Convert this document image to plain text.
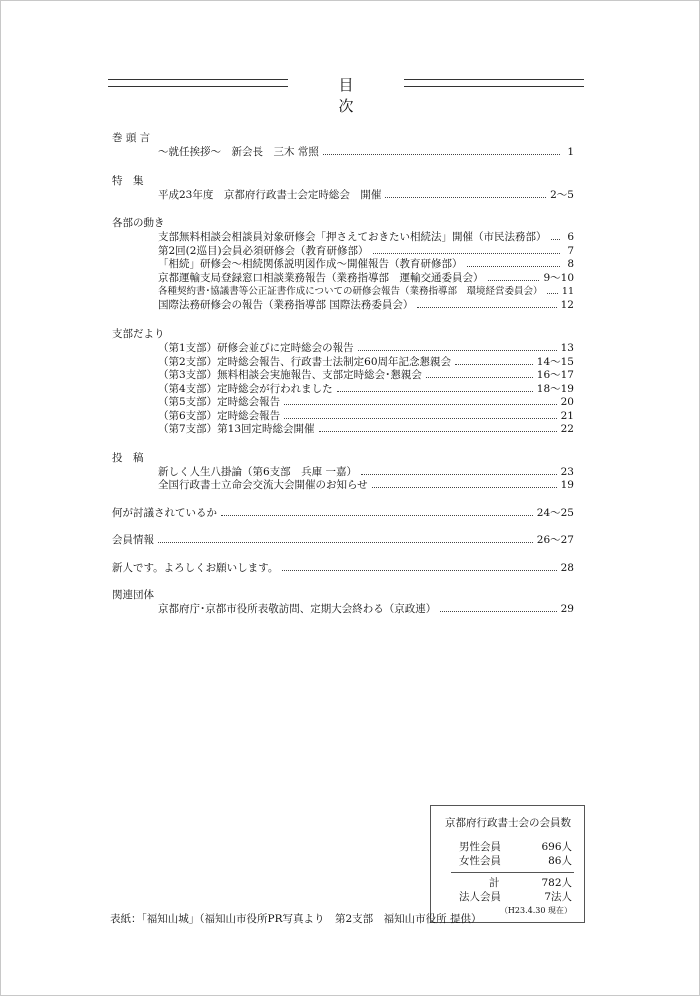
目　次
巻 頭 言
～就任挨拶～　新会長　三木 常照	1
特　集
平成23年度　京都府行政書士会定時総会　開催	2～5
各部の動き
支部無料相談会相談員対象研修会「押さえておきたい相続法」開催（市民法務部）	6
第2回(2巡目)会員必須研修会（教育研修部）	7
「相続」研修会～相続関係説明図作成～開催報告（教育研修部）	8
京都運輸支局登録窓口相談業務報告（業務指導部　運輸交通委員会）	9～10
各種契約書･協議書等公正証書作成についての研修会報告（業務指導部　環境経営委員会） 11
国際法務研修会の報告（業務指導部 国際法務委員会）	12
支部だより
（第1支部）研修会並びに定時総会の報告	13
（第2支部）定時総会報告、行政書士法制定60周年記念懇親会	14～15
（第3支部）無料相談会実施報告、支部定時総会･懇親会	16～17
（第4支部）定時総会が行われました	18～19
（第5支部）定時総会報告	20
（第6支部）定時総会報告	21
（第7支部）第13回定時総会開催	22
投　稿
新しく人生八掛論（第6支部　兵庫 一嘉）	23
全国行政書士立命会交流大会開催のお知らせ	19
何が討議されているか	24～25
会員情報	26～27
新人です。よろしくお願いします。	28
関連団体
京都府庁･京都市役所表敬訪問、定期大会終わる（京政連）	29
京都府行政書士会の会員数
男性会員	696人
女性会員	86人
計	782人
法人会員	7法人
（H23.4.30 現在）
表紙：「福知山城」（福知山市役所PR写真より　第2支部　福知山市役所 提供）
